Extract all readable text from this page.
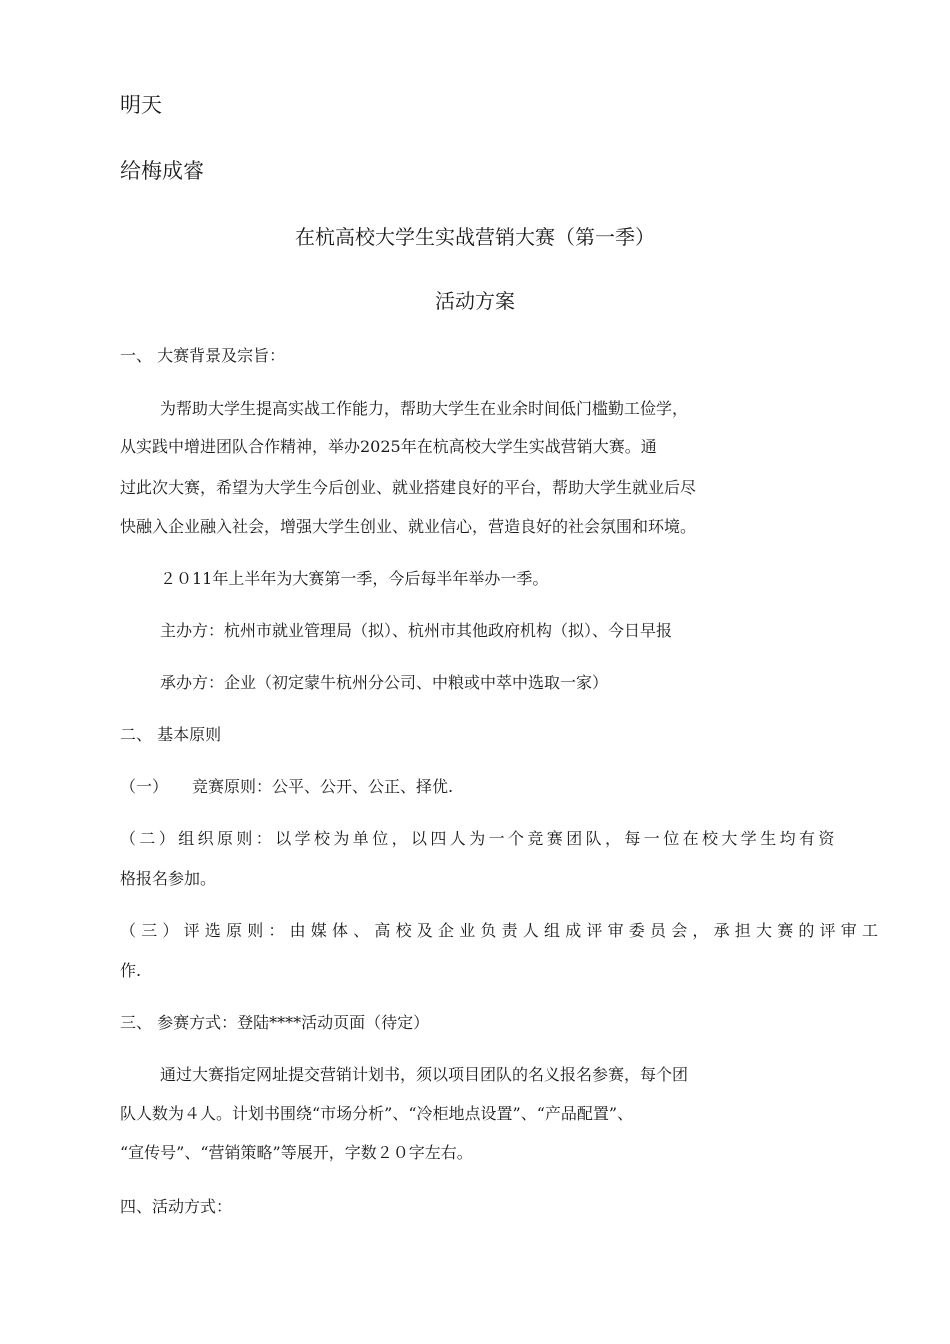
明天
给梅成睿
在杭高校大学生实战营销大赛（第一季）
活动方案
一、 大赛背景及宗旨：
为帮助大学生提高实战工作能力，帮助大学生在业余时间低门槛勤工俭学，
从实践中增进团队合作精神，举办2025年在杭高校大学生实战营销大赛。通
过此次大赛，希望为大学生今后创业、就业搭建良好的平台，帮助大学生就业后尽
快融入企业融入社会，增强大学生创业、就业信心，营造良好的社会氛围和环境。
２０11年上半年为大赛第一季，今后每半年举办一季。
主办方：杭州市就业管理局（拟）、杭州市其他政府机构（拟）、今日早报
承办方：企业（初定蒙牛杭州分公司、中粮或中萃中选取一家）
二、 基本原则
（一）　　竞赛原则：公平、公开、公正、择优.
（二）组织原则：以学校为单位，以四人为一个竞赛团队，每一位在校大学生均有资
格报名参加。
（三）评选原则：由媒体、高校及企业负责人组成评审委员会，承担大赛的评审工
作.
三、 参赛方式：登陆****活动页面（待定）
通过大赛指定网址提交营销计划书，须以项目团队的名义报名参赛，每个团
队人数为４人。计划书围绕“市场分析”、“冷柜地点设置”、“产品配置”、
“宣传号”、“营销策略”等展开，字数２０字左右。
四、活动方式：
